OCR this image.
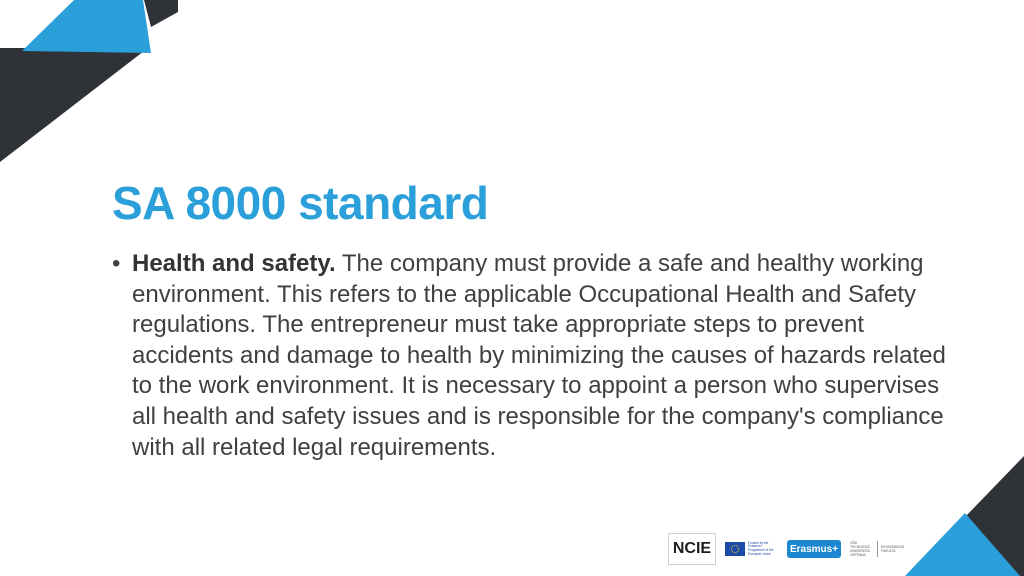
SA 8000 standard
• Health and safety. The company must provide a safe and healthy working environment. This refers to the applicable Occupational Health and Safety regulations. The entrepreneur must take appropriate steps to prevent accidents and damage to health by minimizing the causes of hazards related to the work environment. It is necessary to appoint a person who supervises all health and safety issues and is responsible for the company's compliance with all related legal requirements.
NCIE	Funded by the Erasmus+ Programme of the European Union	Erasmus+
VŠB TECHNICKÁ UNIVERZITA OSTRAVA
EKONOMICKÁ FAKULTA
